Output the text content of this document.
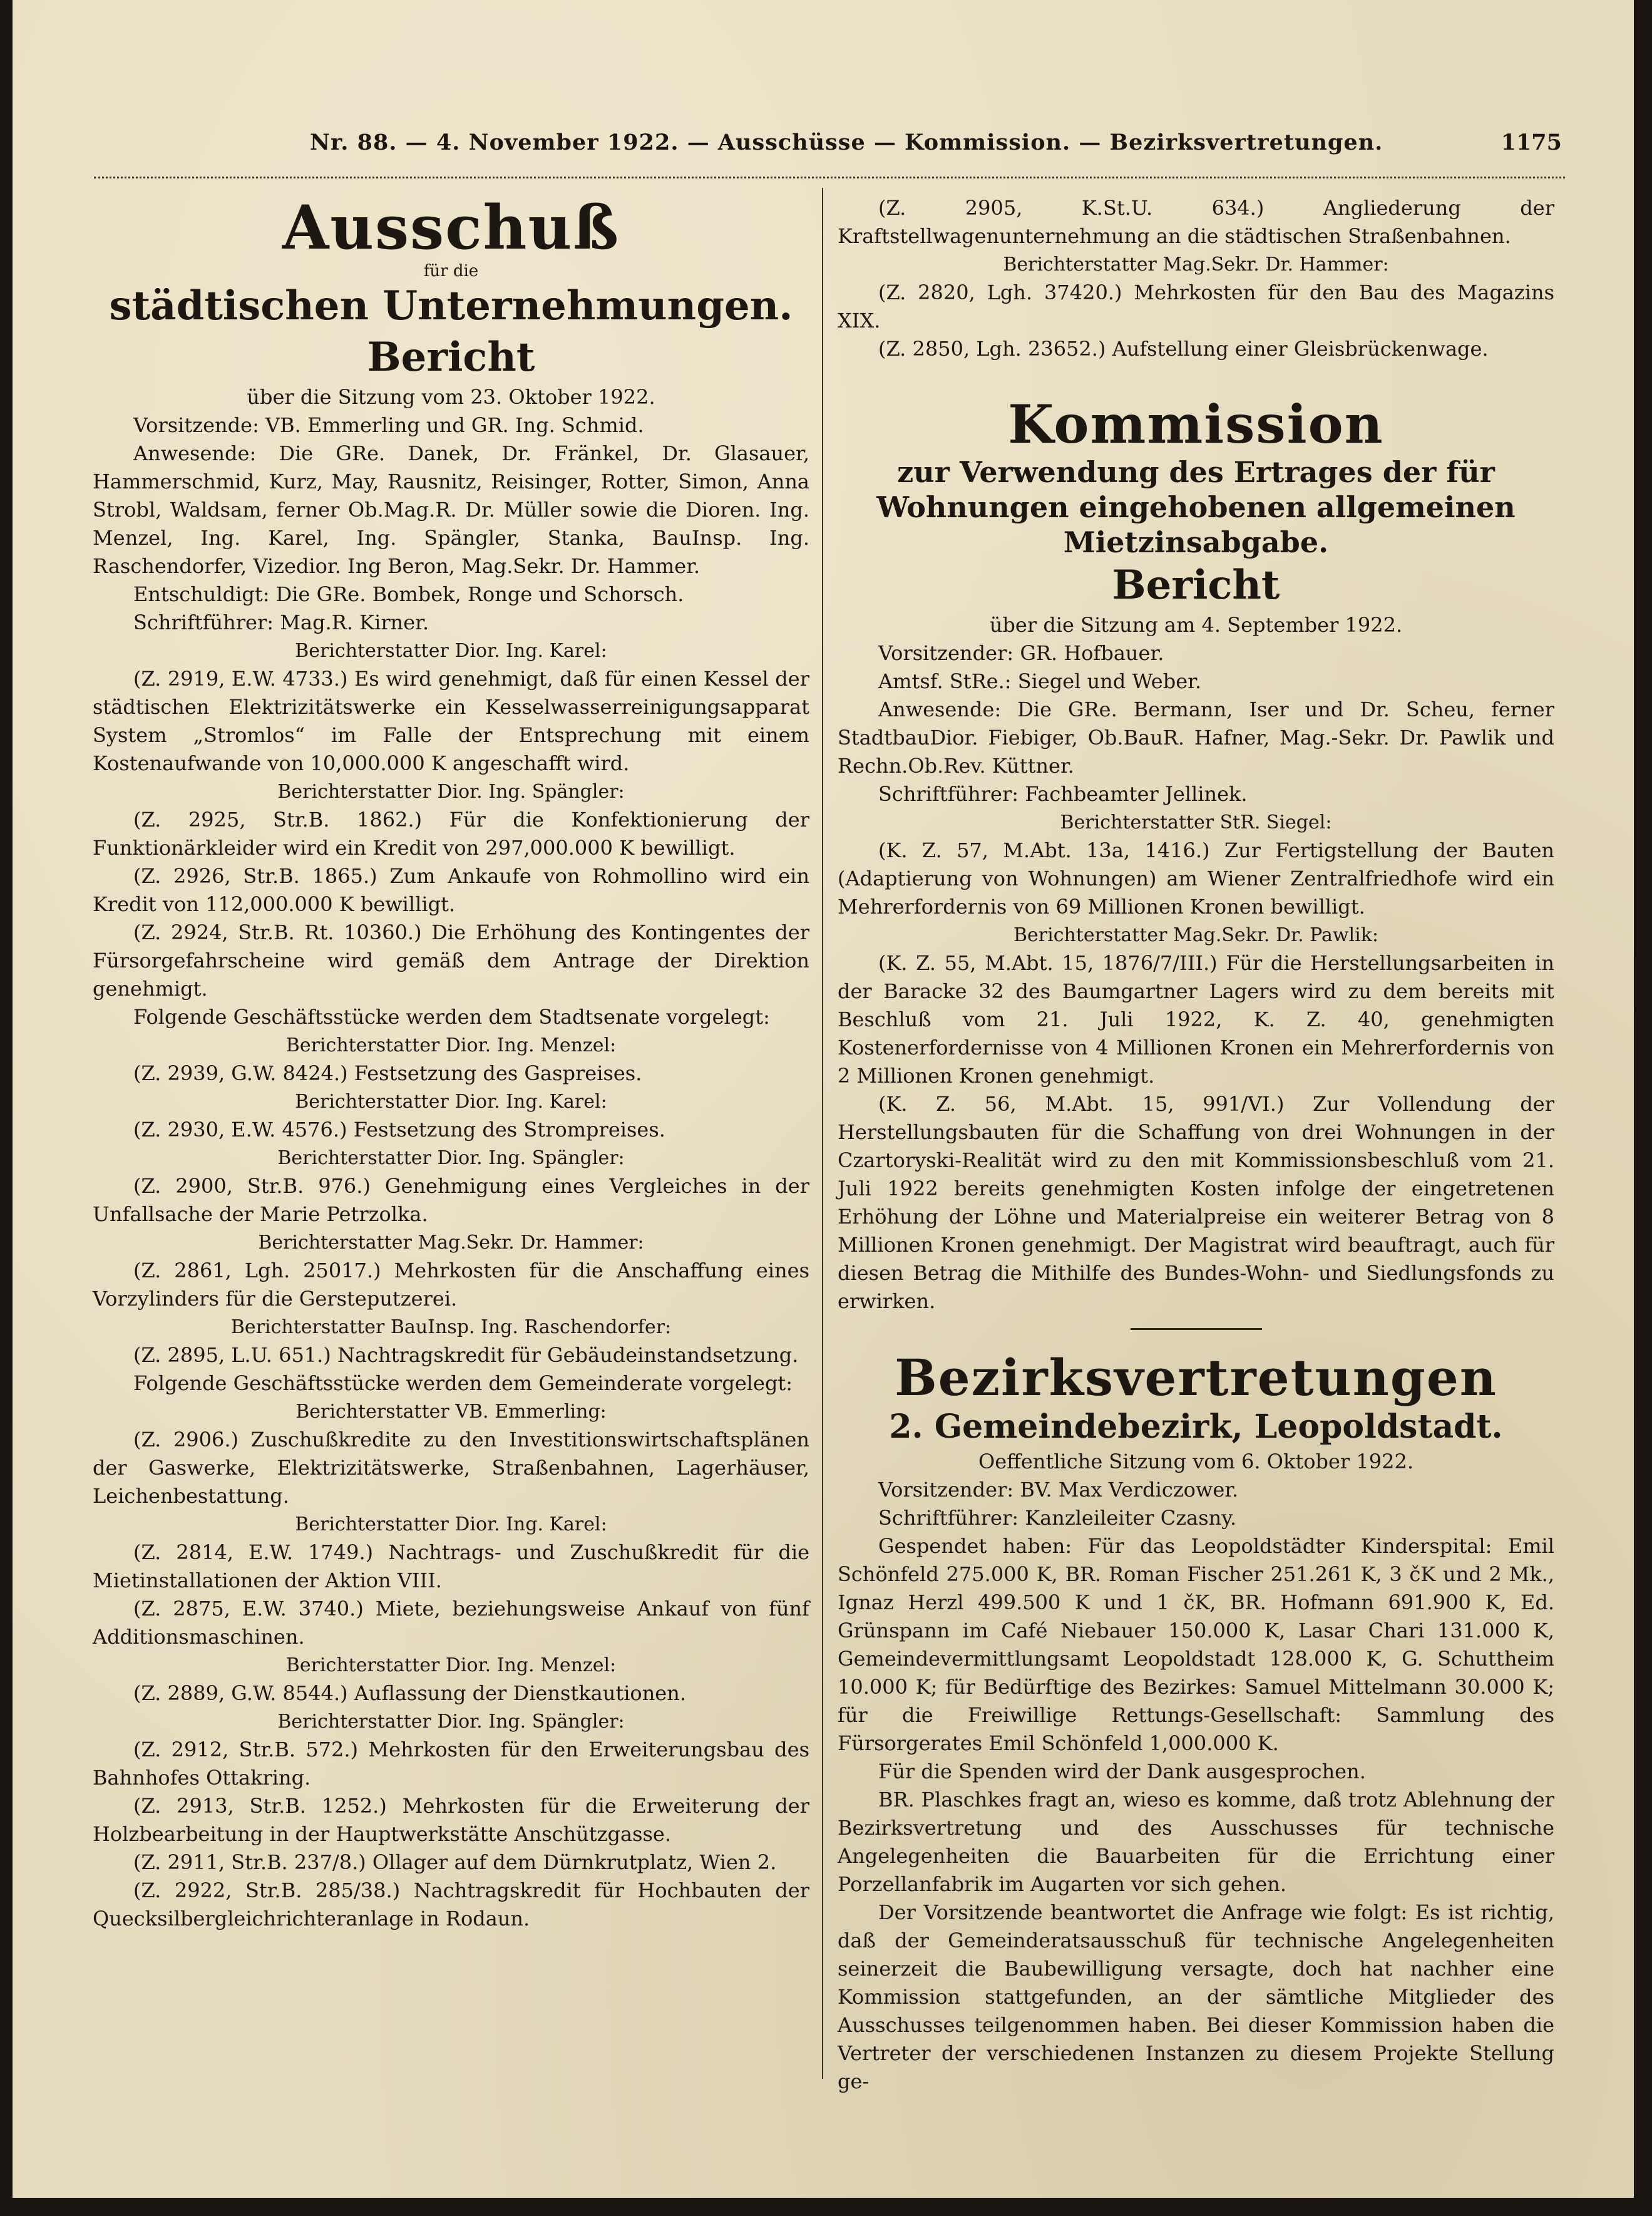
Nr. 88. — 4. November 1922. — Ausschüsse — Kommission. — Bezirksvertretungen.	1175
Ausschuß
für die
städtischen Unternehmungen.
Bericht

über die Sitzung vom 23. Oktober 1922.

Vorsitzende: VB. Emmerling und GR. Ing. Schmid.

Anwesende: Die GRe. Danek, Dr. Fränkel, Dr. Glasauer, Hammerschmid, Kurz, May, Rausnitz, Reisinger, Rotter, Simon, Anna Strobl, Waldsam, ferner Ob.Mag.R. Dr. Müller sowie die Dioren. Ing. Menzel, Ing. Karel, Ing. Spängler, Stanka, BauInsp. Ing. Raschendorfer, Vizedior. Ing Beron, Mag.Sekr. Dr. Hammer.

Entschuldigt: Die GRe. Bombek, Ronge und Schorsch.

Schriftführer: Mag.R. Kirner.

Berichterstatter Dior. Ing. Karel:

(Z. 2919, E.W. 4733.) Es wird genehmigt, daß für einen Kessel der städtischen Elektrizitätswerke ein Kesselwasserreinigungsapparat System „Stromlos“ im Falle der Entsprechung mit einem Kostenaufwande von 10,000.000 K angeschafft wird.

Berichterstatter Dior. Ing. Spängler:

(Z. 2925, Str.B. 1862.) Für die Konfektionierung der Funktionärkleider wird ein Kredit von 297,000.000 K bewilligt.

(Z. 2926, Str.B. 1865.) Zum Ankaufe von Rohmollino wird ein Kredit von 112,000.000 K bewilligt.

(Z. 2924, Str.B. Rt. 10360.) Die Erhöhung des Kontingentes der Fürsorgefahrscheine wird gemäß dem Antrage der Direktion genehmigt.

Folgende Geschäftsstücke werden dem Stadtsenate vorgelegt:

Berichterstatter Dior. Ing. Menzel:

(Z. 2939, G.W. 8424.) Festsetzung des Gaspreises.

Berichterstatter Dior. Ing. Karel:

(Z. 2930, E.W. 4576.) Festsetzung des Strompreises.

Berichterstatter Dior. Ing. Spängler:

(Z. 2900, Str.B. 976.) Genehmigung eines Vergleiches in der Unfallsache der Marie Petrzolka.

Berichterstatter Mag.Sekr. Dr. Hammer:

(Z. 2861, Lgh. 25017.) Mehrkosten für die Anschaffung eines Vorzylinders für die Gersteputzerei.

Berichterstatter BauInsp. Ing. Raschendorfer:

(Z. 2895, L.U. 651.) Nachtragskredit für Gebäudeinstandsetzung.

Folgende Geschäftsstücke werden dem Gemeinderate vorgelegt:

Berichterstatter VB. Emmerling:

(Z. 2906.) Zuschußkredite zu den Investitionswirtschaftsplänen der Gaswerke, Elektrizitätswerke, Straßenbahnen, Lagerhäuser, Leichenbestattung.

Berichterstatter Dior. Ing. Karel:

(Z. 2814, E.W. 1749.) Nachtrags- und Zuschußkredit für die Mietinstallationen der Aktion VIII.

(Z. 2875, E.W. 3740.) Miete, beziehungsweise Ankauf von fünf Additionsmaschinen.

Berichterstatter Dior. Ing. Menzel:

(Z. 2889, G.W. 8544.) Auflassung der Dienstkautionen.

Berichterstatter Dior. Ing. Spängler:

(Z. 2912, Str.B. 572.) Mehrkosten für den Erweiterungsbau des Bahnhofes Ottakring.

(Z. 2913, Str.B. 1252.) Mehrkosten für die Erweiterung der Holzbearbeitung in der Hauptwerkstätte Anschützgasse.

(Z. 2911, Str.B. 237/8.) Ollager auf dem Dürnkrutplatz, Wien 2.

(Z. 2922, Str.B. 285/38.) Nachtragskredit für Hochbauten der Quecksilbergleichrichteranlage in Rodaun.

(Z. 2905, K.St.U. 634.) Angliederung der Kraftstellwagenunternehmung an die städtischen Straßenbahnen.

Berichterstatter Mag.Sekr. Dr. Hammer:

(Z. 2820, Lgh. 37420.) Mehrkosten für den Bau des Magazins XIX.

(Z. 2850, Lgh. 23652.) Aufstellung einer Gleisbrückenwage.

Kommission
zur Verwendung des Ertrages der für Wohnungen eingehobenen allgemeinen Mietzinsabgabe.
Bericht

über die Sitzung am 4. September 1922.

Vorsitzender: GR. Hofbauer.

Amtsf. StRe.: Siegel und Weber.

Anwesende: Die GRe. Bermann, Iser und Dr. Scheu, ferner StadtbauDior. Fiebiger, Ob.BauR. Hafner, Mag.-Sekr. Dr. Pawlik und Rechn.Ob.Rev. Küttner.

Schriftführer: Fachbeamter Jellinek.

Berichterstatter StR. Siegel:

(K. Z. 57, M.Abt. 13a, 1416.) Zur Fertigstellung der Bauten (Adaptierung von Wohnungen) am Wiener Zentralfriedhofe wird ein Mehrerfordernis von 69 Millionen Kronen bewilligt.

Berichterstatter Mag.Sekr. Dr. Pawlik:

(K. Z. 55, M.Abt. 15, 1876/7/III.) Für die Herstellungsarbeiten in der Baracke 32 des Baumgartner Lagers wird zu dem bereits mit Beschluß vom 21. Juli 1922, K. Z. 40, genehmigten Kostenerfordernisse von 4 Millionen Kronen ein Mehrerfordernis von 2 Millionen Kronen genehmigt.

(K. Z. 56, M.Abt. 15, 991/VI.) Zur Vollendung der Herstellungsbauten für die Schaffung von drei Wohnungen in der Czartoryski-Realität wird zu den mit Kommissionsbeschluß vom 21. Juli 1922 bereits genehmigten Kosten infolge der eingetretenen Erhöhung der Löhne und Materialpreise ein weiterer Betrag von 8 Millionen Kronen genehmigt. Der Magistrat wird beauftragt, auch für diesen Betrag die Mithilfe des Bundes-Wohn- und Siedlungsfonds zu erwirken.

Bezirksvertretungen
2. Gemeindebezirk, Leopoldstadt.

Oeffentliche Sitzung vom 6. Oktober 1922.

Vorsitzender: BV. Max Verdiczower.

Schriftführer: Kanzleileiter Czasny.

Gespendet haben: Für das Leopoldstädter Kinderspital: Emil Schönfeld 275.000 K, BR. Roman Fischer 251.261 K, 3 čK und 2 Mk., Ignaz Herzl 499.500 K und 1 čK, BR. Hofmann 691.900 K, Ed. Grünspann im Café Niebauer 150.000 K, Lasar Chari 131.000 K, Gemeindevermittlungsamt Leopoldstadt 128.000 K, G. Schuttheim 10.000 K; für Bedürftige des Bezirkes: Samuel Mittelmann 30.000 K; für die Freiwillige Rettungs-Gesellschaft: Sammlung des Fürsorgerates Emil Schönfeld 1,000.000 K.

Für die Spenden wird der Dank ausgesprochen.

BR. Plaschkes fragt an, wieso es komme, daß trotz Ablehnung der Bezirksvertretung und des Ausschusses für technische Angelegenheiten die Bauarbeiten für die Errichtung einer Porzellanfabrik im Augarten vor sich gehen.

Der Vorsitzende beantwortet die Anfrage wie folgt: Es ist richtig, daß der Gemeinderatsausschuß für technische Angelegenheiten seinerzeit die Baubewilligung versagte, doch hat nachher eine Kommission stattgefunden, an der sämtliche Mitglieder des Ausschusses teilgenommen haben. Bei dieser Kommission haben die Vertreter der verschiedenen Instanzen zu diesem Projekte Stellung ge-
